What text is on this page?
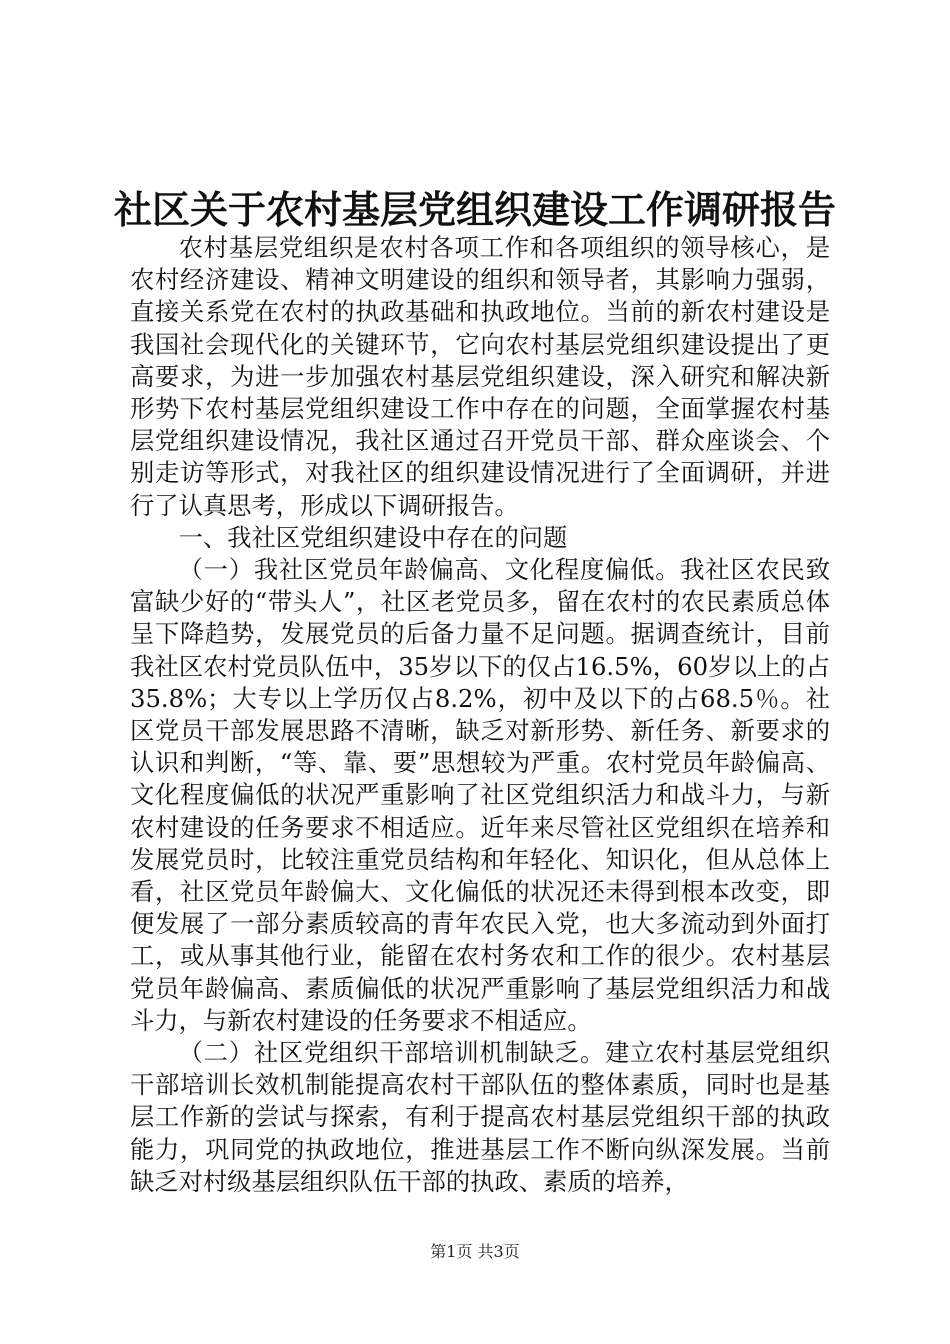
社区关于农村基层党组织建设工作调研报告

农村基层党组织是农村各项工作和各项组织的领导核心，是农村经济建设、精神文明建设的组织和领导者，其影响力强弱，直接关系党在农村的执政基础和执政地位。当前的新农村建设是我国社会现代化的关键环节，它向农村基层党组织建设提出了更高要求，为进一步加强农村基层党组织建设，深入研究和解决新形势下农村基层党组织建设工作中存在的问题，全面掌握农村基层党组织建设情况，我社区通过召开党员干部、群众座谈会、个别走访等形式，对我社区的组织建设情况进行了全面调研，并进行了认真思考，形成以下调研报告。

一、我社区党组织建设中存在的问题

（一）我社区党员年龄偏高、文化程度偏低。我社区农民致富缺少好的“带头人”，社区老党员多，留在农村的农民素质总体呈下降趋势，发展党员的后备力量不足问题。据调查统计，目前我社区农村党员队伍中，35岁以下的仅占16.5%，60岁以上的占35.8%；大专以上学历仅占8.2%，初中及以下的占68.5％。社区党员干部发展思路不清晰，缺乏对新形势、新任务、新要求的认识和判断，“等、靠、要”思想较为严重。农村党员年龄偏高、文化程度偏低的状况严重影响了社区党组织活力和战斗力，与新农村建设的任务要求不相适应。近年来尽管社区党组织在培养和发展党员时，比较注重党员结构和年轻化、知识化，但从总体上看，社区党员年龄偏大、文化偏低的状况还未得到根本改变，即便发展了一部分素质较高的青年农民入党，也大多流动到外面打工，或从事其他行业，能留在农村务农和工作的很少。农村基层党员年龄偏高、素质偏低的状况严重影响了基层党组织活力和战斗力，与新农村建设的任务要求不相适应。

（二）社区党组织干部培训机制缺乏。建立农村基层党组织干部培训长效机制能提高农村干部队伍的整体素质，同时也是基层工作新的尝试与探索，有利于提高农村基层党组织干部的执政能力，巩同党的执政地位，推进基层工作不断向纵深发展。当前缺乏对村级基层组织队伍干部的执政、素质的培养，

第1页 共3页
